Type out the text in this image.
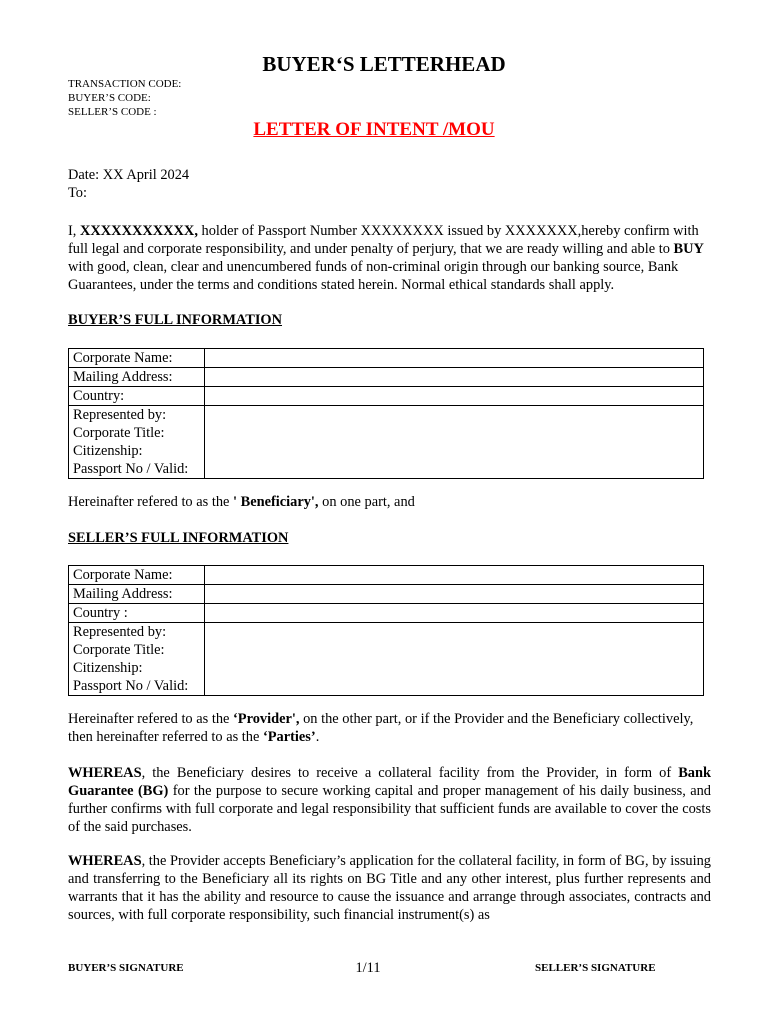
BUYER‘S LETTERHEAD
TRANSACTION CODE:
BUYER’S CODE:
SELLER’S CODE :
LETTER OF INTENT /MOU
Date: XX April 2024
To:
I, XXXXXXXXXXX, holder of Passport Number XXXXXXXX issued by XXXXXXX,hereby confirm with full legal and corporate responsibility, and under penalty of perjury, that we are ready willing and able to BUY with good, clean, clear and unencumbered funds of non-criminal origin through our banking source, Bank Guarantees, under the terms and conditions stated herein. Normal ethical standards shall apply.
BUYER’S FULL INFORMATION
Corporate Name:	
Mailing Address:	
Country:	

Represented by:
Corporate Title:
Citizenship:
Passport No / Valid:	

Hereinafter refered to as the ' Beneficiary', on one part, and
SELLER’S FULL INFORMATION
Corporate Name:	
Mailing Address:	
Country :	

Represented by:
Corporate Title:
Citizenship:
Passport No / Valid:	

Hereinafter refered to as the ‘Provider', on the other part, or if the Provider and the Beneficiary collectively, then hereinafter referred to as the ‘Parties’.
WHEREAS, the Beneficiary desires to receive a collateral facility from the Provider, in form of Bank Guarantee (BG) for the purpose to secure working capital and proper management of his daily business, and further confirms with full corporate and legal responsibility that sufficient funds are available to cover the costs of the said purchases.
WHEREAS, the Provider accepts Beneficiary’s application for the collateral facility, in form of BG, by issuing and transferring to the Beneficiary all its rights on BG Title and any other interest, plus further represents and warrants that it has the ability and resource to cause the issuance and arrange through associates, contracts and sources, with full corporate responsibility, such financial instrument(s) as
BUYER’S SIGNATURE	1/11	SELLER’S SIGNATURE
